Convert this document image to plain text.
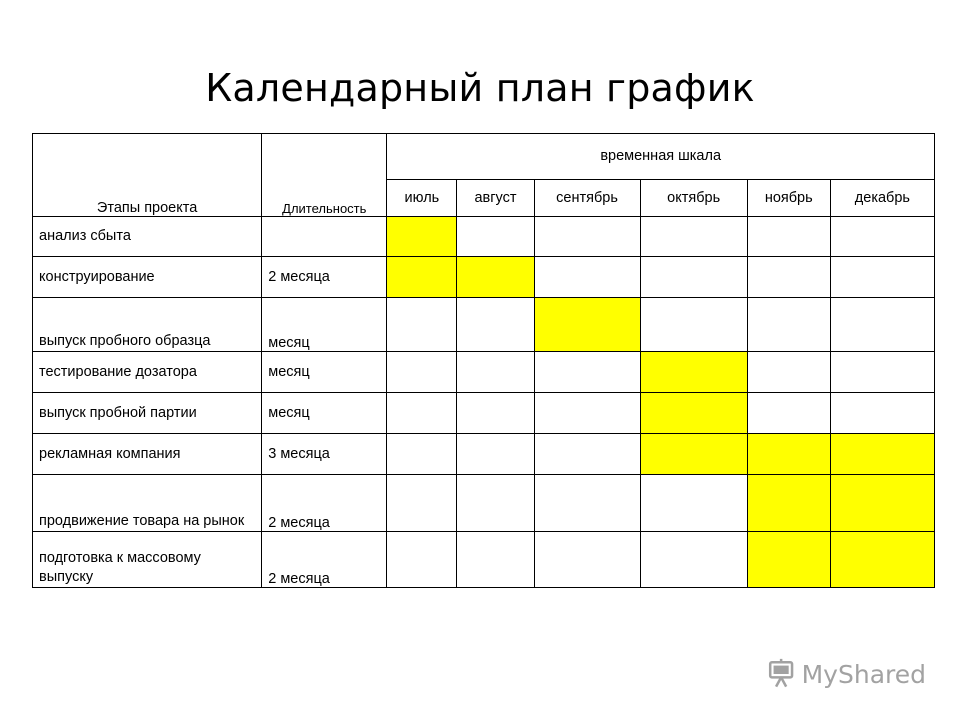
Календарный план график
Этапы проекта	Длительность	временная шкала					
		июль	август	сентябрь	октябрь	ноябрь	декабрь
анализ сбыта							
конструирование	2 месяца						
выпуск пробного образца	месяц						
тестирование дозатора	месяц						
выпуск пробной партии	месяц						
рекламная компания	3 месяца						
продвижение товара на рынок	2 месяца						
подготовка к массовому выпуску	2 месяца						
MyShared
